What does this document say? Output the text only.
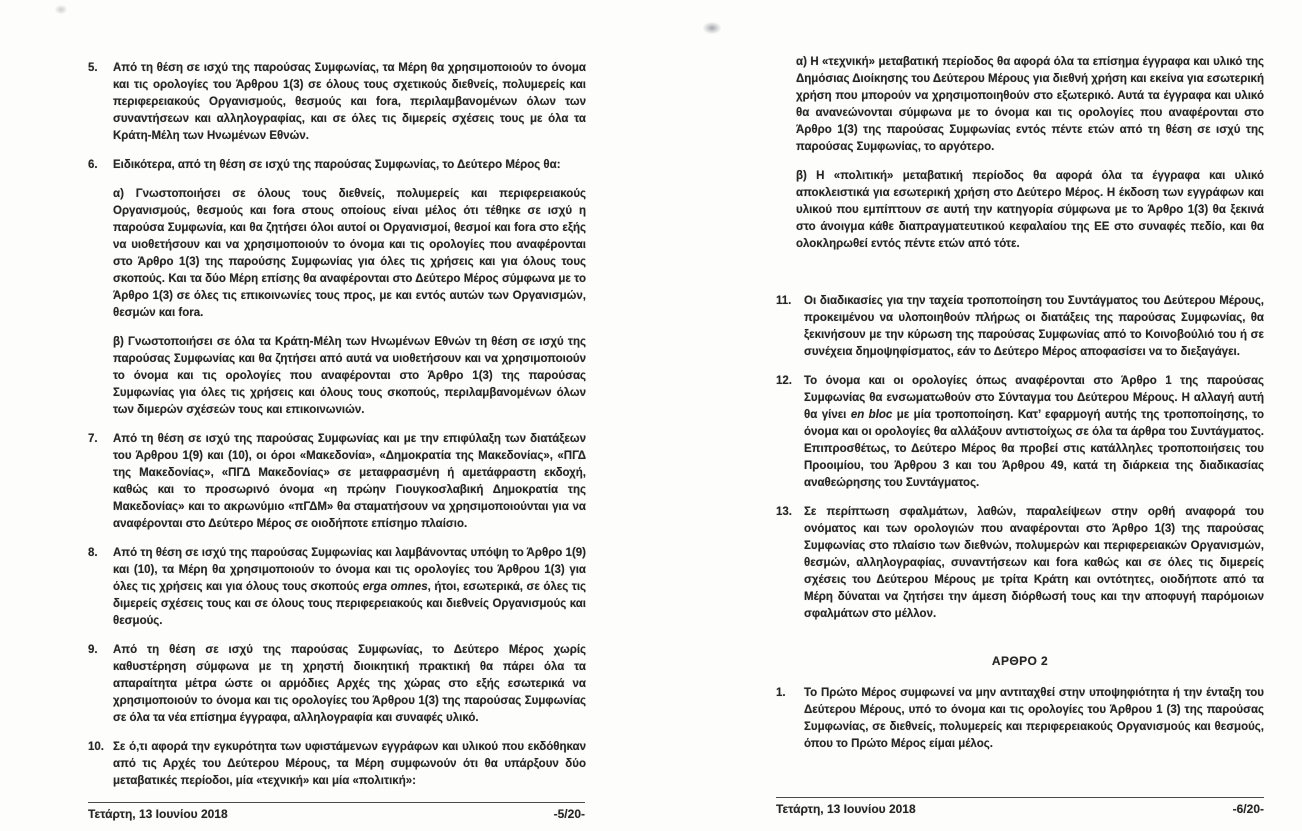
5.	Από τη θέση σε ισχύ της παρούσας Συμφωνίας, τα Μέρη θα χρησιμοποιούν το όνομα και τις ορολογίες του Άρθρου 1(3) σε όλους τους σχετικούς διεθνείς, πολυμερείς και περιφερειακούς Οργανισμούς, θεσμούς και fora, περιλαμβανομένων όλων των συναντήσεων και αλληλογραφίας, και σε όλες τις διμερείς σχέσεις τους με όλα τα Κράτη-Μέλη των Ηνωμένων Εθνών.
6.	Ειδικότερα, από τη θέση σε ισχύ της παρούσας Συμφωνίας, το Δεύτερο Μέρος θα:
α) Γνωστοποιήσει σε όλους τους διεθνείς, πολυμερείς και περιφερειακούς Οργανισμούς, θεσμούς και fora στους οποίους είναι μέλος ότι τέθηκε σε ισχύ η παρούσα Συμφωνία, και θα ζητήσει όλοι αυτοί οι Οργανισμοί, θεσμοί και fora στο εξής να υιοθετήσουν και να χρησιμοποιούν το όνομα και τις ορολογίες που αναφέρονται στο Άρθρο 1(3) της παρούσης Συμφωνίας για όλες τις χρήσεις και για όλους τους σκοπούς. Και τα δύο Μέρη επίσης θα αναφέρονται στο Δεύτερο Μέρος σύμφωνα με το Άρθρο 1(3) σε όλες τις επικοινωνίες τους προς, με και εντός αυτών των Οργανισμών, θεσμών και fora.
β) Γνωστοποιήσει σε όλα τα Κράτη-Μέλη των Ηνωμένων Εθνών τη θέση σε ισχύ της παρούσας Συμφωνίας και θα ζητήσει από αυτά να υιοθετήσουν και να χρησιμοποιούν το όνομα και τις ορολογίες που αναφέρονται στο Άρθρο 1(3) της παρούσας Συμφωνίας για όλες τις χρήσεις και όλους τους σκοπούς, περιλαμβανομένων όλων των διμερών σχέσεών τους και επικοινωνιών.
7.	Από τη θέση σε ισχύ της παρούσας Συμφωνίας και με την επιφύλαξη των διατάξεων του Άρθρου 1(9) και (10), οι όροι «Μακεδονία», «Δημοκρατία της Μακεδονίας», «ΠΓΔ της Μακεδονίας», «ΠΓΔ Μακεδονίας» σε μεταφρασμένη ή αμετάφραστη εκδοχή, καθώς και το προσωρινό όνομα «η πρώην Γιουγκοσλαβική Δημοκρατία της Μακεδονίας» και το ακρωνύμιο «πΓΔΜ» θα σταματήσουν να χρησιμοποιούνται για να αναφέρονται στο Δεύτερο Μέρος σε οιοδήποτε επίσημο πλαίσιο.
8.	Από τη θέση σε ισχύ της παρούσας Συμφωνίας και λαμβάνοντας υπόψη το Άρθρο 1(9) και (10), τα Μέρη θα χρησιμοποιούν το όνομα και τις ορολογίες του Άρθρου 1(3) για όλες τις χρήσεις και για όλους τους σκοπούς erga omnes, ήτοι, εσωτερικά, σε όλες τις διμερείς σχέσεις τους και σε όλους τους περιφερειακούς και διεθνείς Οργανισμούς και θεσμούς.
9.	Από τη θέση σε ισχύ της παρούσας Συμφωνίας, το Δεύτερο Μέρος χωρίς καθυστέρηση σύμφωνα με τη χρηστή διοικητική πρακτική θα πάρει όλα τα απαραίτητα μέτρα ώστε οι αρμόδιες Αρχές της χώρας στο εξής εσωτερικά να χρησιμοποιούν το όνομα και τις ορολογίες του Άρθρου 1(3) της παρούσας Συμφωνίας σε όλα τα νέα επίσημα έγγραφα, αλληλογραφία και συναφές υλικό.
10. Σε ό,τι αφορά την εγκυρότητα των υφιστάμενων εγγράφων και υλικού που εκδόθηκαν από τις Αρχές του Δεύτερου Μέρους, τα Μέρη συμφωνούν ότι θα υπάρξουν δύο μεταβατικές περίοδοι, μία «τεχνική» και μία «πολιτική»:
α) Η «τεχνική» μεταβατική περίοδος θα αφορά όλα τα επίσημα έγγραφα και υλικό της Δημόσιας Διοίκησης του Δεύτερου Μέρους για διεθνή χρήση και εκείνα για εσωτερική χρήση που μπορούν να χρησιμοποιηθούν στο εξωτερικό. Αυτά τα έγγραφα και υλικό θα ανανεώνονται σύμφωνα με το όνομα και τις ορολογίες που αναφέρονται στο Άρθρο 1(3) της παρούσας Συμφωνίας εντός πέντε ετών από τη θέση σε ισχύ της παρούσας Συμφωνίας, το αργότερο.
β) Η «πολιτική» μεταβατική περίοδος θα αφορά όλα τα έγγραφα και υλικό αποκλειστικά για εσωτερική χρήση στο Δεύτερο Μέρος. Η έκδοση των εγγράφων και υλικού που εμπίπτουν σε αυτή την κατηγορία σύμφωνα με το Άρθρο 1(3) θα ξεκινά στο άνοιγμα κάθε διαπραγματευτικού κεφαλαίου της ΕΕ στο συναφές πεδίο, και θα ολοκληρωθεί εντός πέντε ετών από τότε.
11.	Οι διαδικασίες για την ταχεία τροποποίηση του Συντάγματος του Δεύτερου Μέρους, προκειμένου να υλοποιηθούν πλήρως οι διατάξεις της παρούσας Συμφωνίας, θα ξεκινήσουν με την κύρωση της παρούσας Συμφωνίας από το Κοινοβούλιό του ή σε συνέχεια δημοψηφίσματος, εάν το Δεύτερο Μέρος αποφασίσει να το διεξαγάγει.
12.	Το όνομα και οι ορολογίες όπως αναφέρονται στο Άρθρο 1 της παρούσας Συμφωνίας θα ενσωματωθούν στο Σύνταγμα του Δεύτερου Μέρους. Η αλλαγή αυτή θα γίνει en bloc με μία τροποποίηση. Κατ’ εφαρμογή αυτής της τροποποίησης, το όνομα και οι ορολογίες θα αλλάξουν αντιστοίχως σε όλα τα άρθρα του Συντάγματος. Επιπροσθέτως, το Δεύτερο Μέρος θα προβεί στις κατάλληλες τροποποιήσεις του Προοιμίου, του Άρθρου 3 και του Άρθρου 49, κατά τη διάρκεια της διαδικασίας αναθεώρησης του Συντάγματος.
13.	Σε περίπτωση σφαλμάτων, λαθών, παραλείψεων στην ορθή αναφορά του ονόματος και των ορολογιών που αναφέρονται στο Άρθρο 1(3) της παρούσας Συμφωνίας στο πλαίσιο των διεθνών, πολυμερών και περιφερειακών Οργανισμών, θεσμών, αλληλογραφίας, συναντήσεων και fora καθώς και σε όλες τις διμερείς σχέσεις του Δεύτερου Μέρους με τρίτα Κράτη και οντότητες, οιοδήποτε από τα Μέρη δύναται να ζητήσει την άμεση διόρθωσή τους και την αποφυγή παρόμοιων σφαλμάτων στο μέλλον.
ΑΡΘΡΟ 2
1.	Το Πρώτο Μέρος συμφωνεί να μην αντιταχθεί στην υποψηφιότητα ή την ένταξη του Δεύτερου Μέρους, υπό το όνομα και τις ορολογίες του Άρθρου 1 (3) της παρούσας Συμφωνίας, σε διεθνείς, πολυμερείς και περιφερειακούς Οργανισμούς και θεσμούς, όπου το Πρώτο Μέρος είμαι μέλος.
Τετάρτη, 13 Ιουνίου 2018	-5/20-	Τετάρτη, 13 Ιουνίου 2018	-6/20-
